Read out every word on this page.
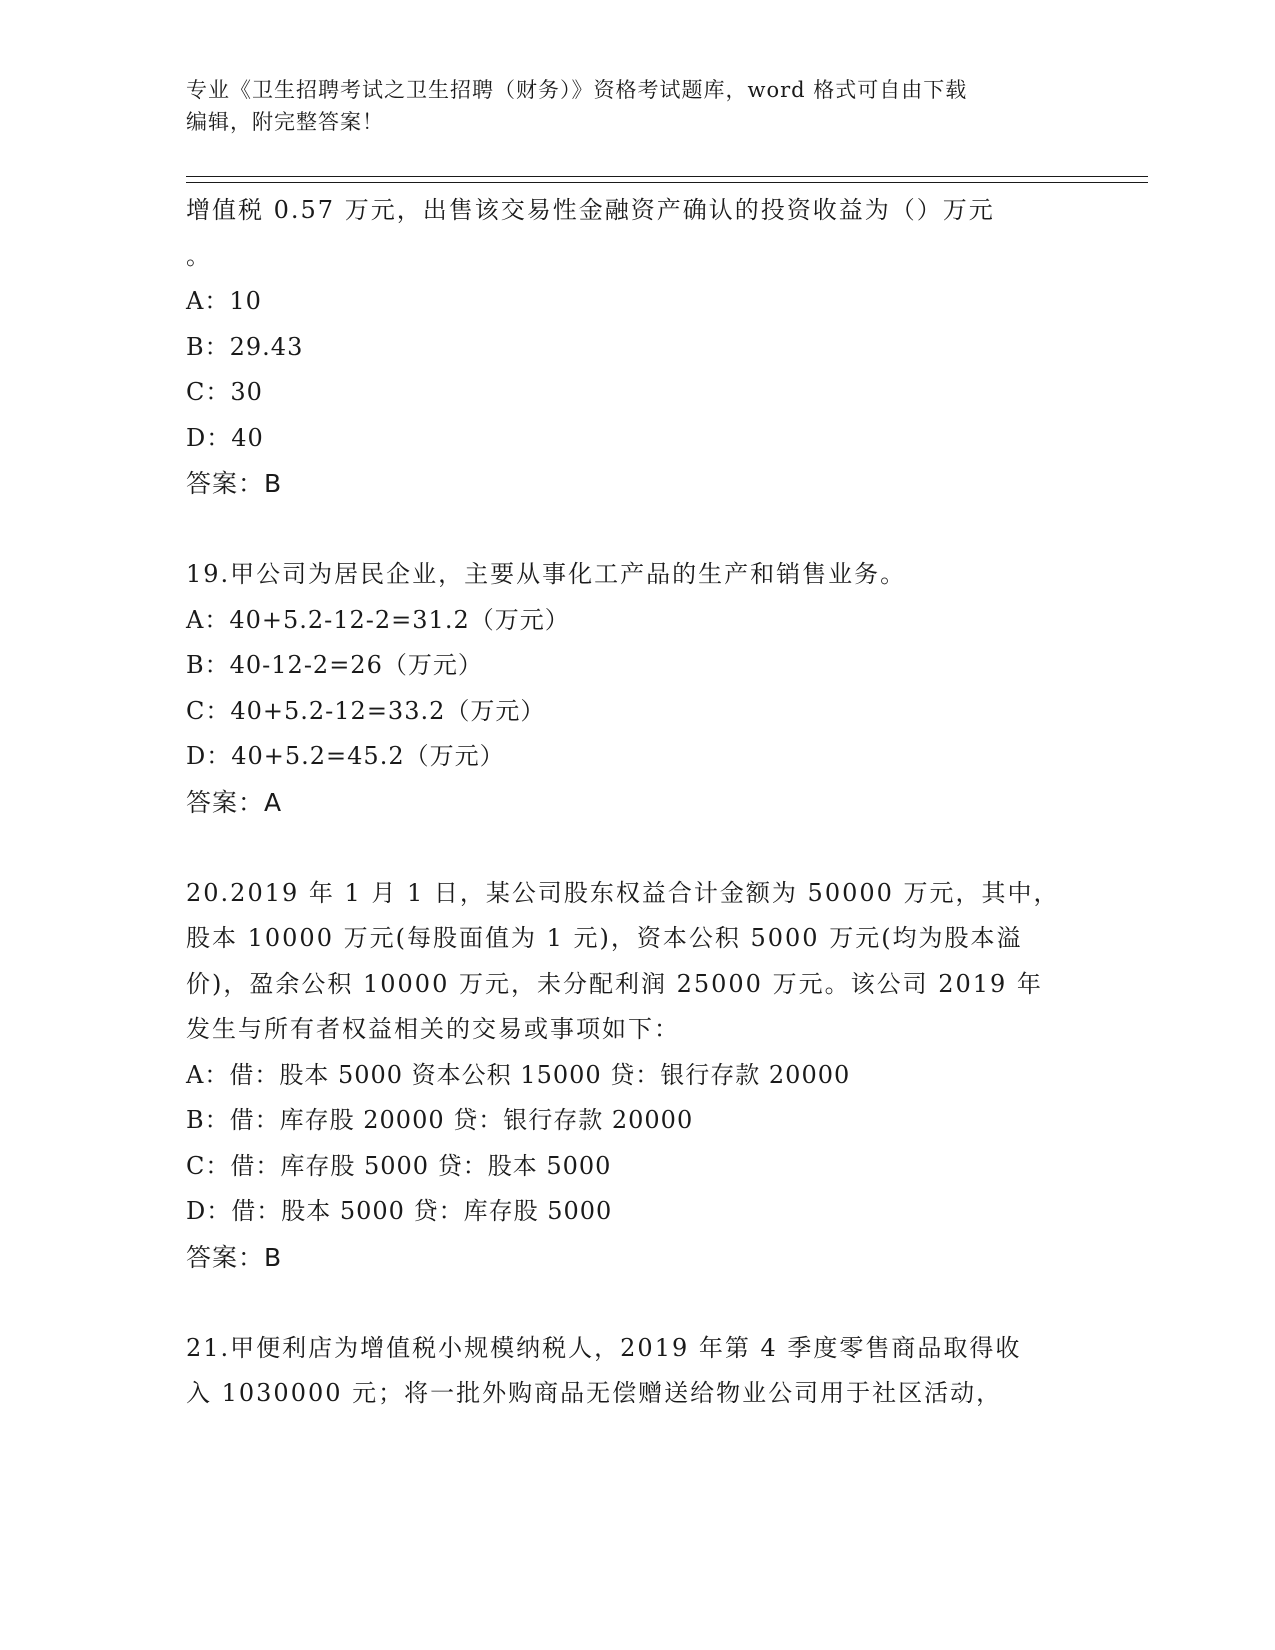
专业《卫生招聘考试之卫生招聘（财务）》资格考试题库，word 格式可自由下载
编辑，附完整答案！
增值税 0.57 万元，出售该交易性金融资产确认的投资收益为（）万元
。
A：10
B：29.43
C：30
D：40
答案：B
19.甲公司为居民企业，主要从事化工产品的生产和销售业务。
A：40+5.2-12-2=31.2（万元）
B：40-12-2=26（万元）
C：40+5.2-12=33.2（万元）
D：40+5.2=45.2（万元）
答案：A
20.2019 年 1 月 1 日，某公司股东权益合计金额为 50000 万元，其中，
股本 10000 万元(每股面值为 1 元)，资本公积 5000 万元(均为股本溢
价)，盈余公积 10000 万元，未分配利润 25000 万元。该公司 2019 年
发生与所有者权益相关的交易或事项如下：
A：借：股本 5000 资本公积 15000 贷：银行存款 20000
B：借：库存股 20000 贷：银行存款 20000
C：借：库存股 5000 贷：股本 5000
D：借：股本 5000 贷：库存股 5000
答案：B
21.甲便利店为增值税小规模纳税人，2019 年第 4 季度零售商品取得收
入 1030000 元；将一批外购商品无偿赠送给物业公司用于社区活动，
